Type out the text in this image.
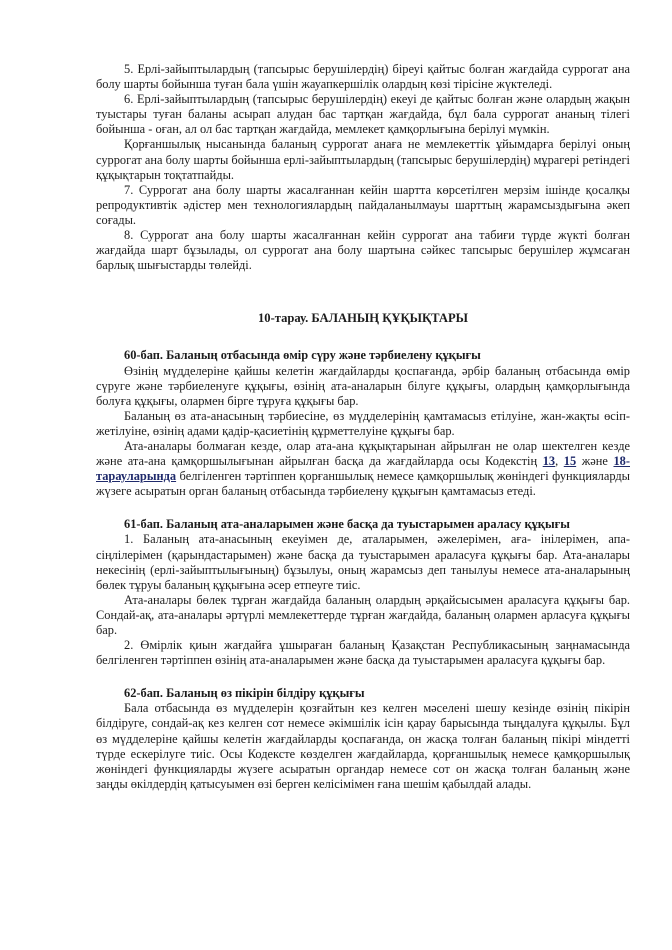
5. Ерлі-зайыптылардың (тапсырыс берушілердің) біреуі қайтыс болған жағдайда суррогат ана болу шарты бойынша туған бала үшін жауапкершілік олардың көзі тірісіне жүктеледі.

6. Ерлі-зайыптылардың (тапсырыс берушілердің) екеуі де қайтыс болған және олардың жақын туыстары туған баланы асырап алудан бас тартқан жағдайда, бұл бала суррогат ананың тілегі бойынша - оған, ал ол бас тартқан жағдайда, мемлекет қамқорлығына берілуі мүмкін.

Қорғаншылық нысанында баланың суррогат анаға не мемлекеттік ұйымдарға берілуі оның суррогат ана болу шарты бойынша ерлі-зайыптылардың (тапсырыс берушілердің) мұрагері ретіндегі құқықтарын тоқтатпайды.

7. Суррогат ана болу шарты жасалғаннан кейін шартта көрсетілген мерзім ішінде қосалқы репродуктивтік әдістер мен технологиялардың пайдаланылмауы шарттың жарамсыздығына әкеп соғады.

8. Суррогат ана болу шарты жасалғаннан кейін суррогат ана табиғи түрде жүкті болған жағдайда шарт бұзылады, ол суррогат ана болу шартына сәйкес тапсырыс берушілер жұмсаған барлық шығыстарды төлейді.

10-тарау. БАЛАНЫҢ ҚҰҚЫҚТАРЫ

60-бап. Баланың отбасында өмір сүру және тәрбиелену құқығы

Өзінің мүдделеріне қайшы келетін жағдайларды қоспағанда, әрбір баланың отбасында өмір сүруге және тәрбиеленуге құқығы, өзінің ата-аналарын білуге құқығы, олардың қамқорлығында болуға құқығы, олармен бірге тұруға құқығы бар.

Баланың өз ата-анасының тәрбиесіне, өз мүдделерінің қамтамасыз етілуіне, жан-жақты өсіп-жетілуіне, өзінің адами қадір-қасиетінің құрметтелуіне құқығы бар.

Ата-аналары болмаған кезде, олар ата-ана құқықтарынан айрылған не олар шектелген кезде және ата-ана қамқоршылығынан айрылған басқа да жағдайларда осы Кодекстің 13, 15 және 18-тарауларында белгіленген тәртіппен қорғаншылық немесе қамқоршылық жөніндегі функцияларды жүзеге асыратын орган баланың отбасында тәрбиелену құқығын қамтамасыз етеді.

61-бап. Баланың ата-аналарымен және басқа да туыстарымен араласу құқығы

1. Баланың ата-анасының екеуімен де, аталарымен, әжелерімен, аға- інілерімен, апа-сіңлілерімен (қарындастарымен) және басқа да туыстарымен араласуға құқығы бар. Ата-аналары некесінің (ерлі-зайыптылығының) бұзылуы, оның жарамсыз деп танылуы немесе ата-аналарының бөлек тұруы баланың құқығына әсер етпеуге тиіс.

Ата-аналары бөлек тұрған жағдайда баланың олардың әрқайсысымен араласуға құқығы бар. Сондай-ақ, ата-аналары әртүрлі мемлекеттерде тұрған жағдайда, баланың олармен арласуға құқығы бар.

2. Өмірлік қиын жағдайға ұшыраған баланың Қазақстан Республикасының заңнамасында белгіленген тәртіппен өзінің ата-аналарымен және басқа да туыстарымен араласуға құқығы бар.

62-бап. Баланың өз пікірін білдіру құқығы

Бала отбасында өз мүдделерін қозғайтын кез келген мәселені шешу кезінде өзінің пікірін білдіруге, сондай-ақ кез келген сот немесе әкімшілік ісін қарау барысында тыңдалуға құқылы. Бұл өз мүдделеріне қайшы келетін жағдайларды қоспағанда, он жасқа толған баланың пікірі міндетті түрде ескерілуге тиіс. Осы Кодексте көзделген жағдайларда, қорғаншылық немесе қамқоршылық жөніндегі функцияларды жүзеге асыратын органдар немесе сот он жасқа толған баланың және заңды өкілдердің қатысуымен өзі берген келісімімен ғана шешім қабылдай алады.
